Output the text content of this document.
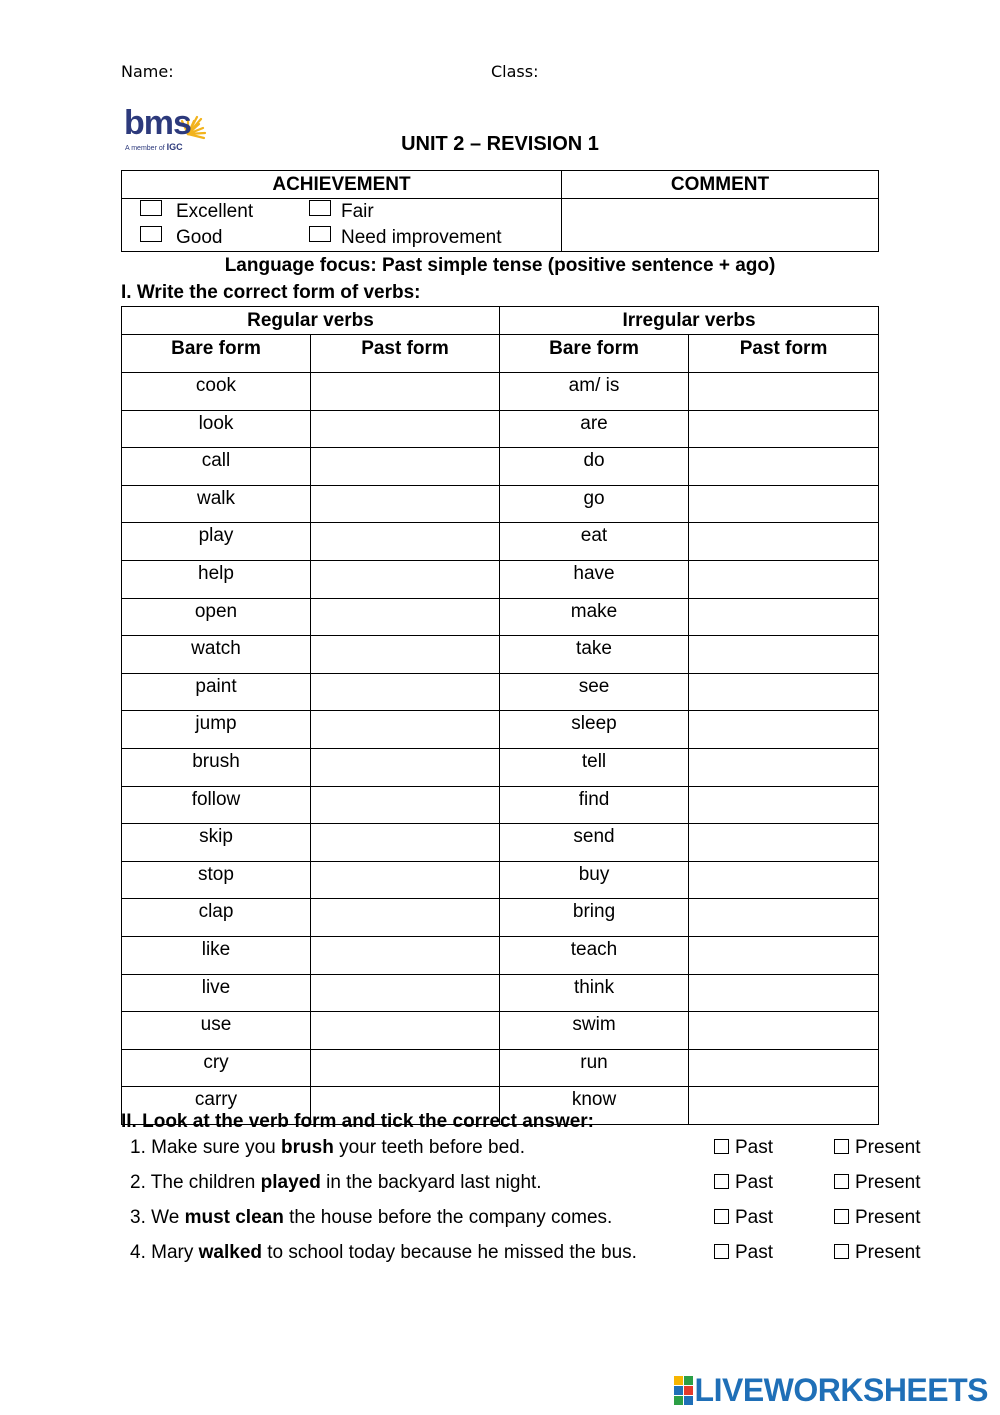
Name:	Class:
bms
A member of IGC	UNIT 2 – REVISION 1
ACHIEVEMENT	COMMENT

Excellent Fair
Good Need improvement	

Language focus: Past simple tense (positive sentence + ago)
I. Write the correct form of verbs:
Regular verbs		Irregular verbs	
Bare form	Past form	Bare form	Past form
cook		am/ is	
look		are	
call		do	
walk		go	
play		eat	
help		have	
open		make	
watch		take	
paint		see	
jump		sleep	
brush		tell	
follow		find	
skip		send	
stop		buy	
clap		bring	
like		teach	
live		think	
use		swim	
cry		run	
carry		know	
II. Look at the verb form and tick the correct answer:
1. Make sure you brush your teeth before bed.	Past	Present
2. The children played in the backyard last night.	Past	Present
3. We must clean the house before the company comes.	Past	Present
4. Mary walked to school today because he missed the bus.	Past	Present
LIVEWORKSHEETS
